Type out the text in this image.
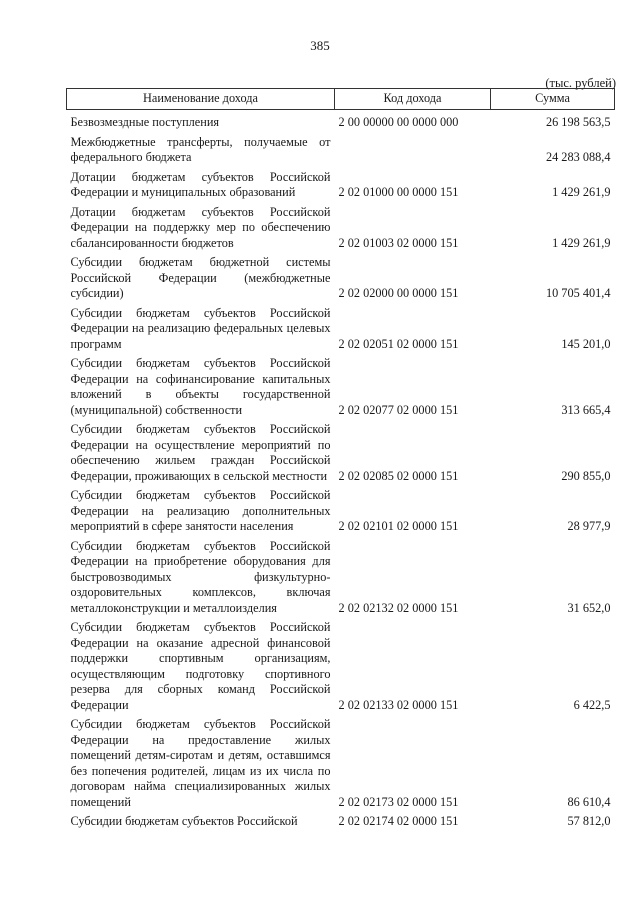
385
(тыс. рублей)
Наименование дохода	Код дохода	Сумма
Безвозмездные поступления	2 00 00000 00 0000 000	26 198 563,5
Межбюджетные трансферты, получаемые от федерального бюджета		24 283 088,4
Дотации бюджетам субъектов Российской Федерации и муниципальных образований	2 02 01000 00 0000 151	1 429 261,9
Дотации бюджетам субъектов Российской Федерации на поддержку мер по обеспечению сбалансированности бюджетов	2 02 01003 02 0000 151	1 429 261,9
Субсидии бюджетам бюджетной системы Российской Федерации (межбюджетные субсидии)	2 02 02000 00 0000 151	10 705 401,4
Субсидии бюджетам субъектов Российской Федерации на реализацию федеральных целевых программ	2 02 02051 02 0000 151	145 201,0
Субсидии бюджетам субъектов Российской Федерации на софинансирование капитальных вложений в объекты государственной (муниципальной) собственности	2 02 02077 02 0000 151	313 665,4
Субсидии бюджетам субъектов Российской Федерации на осуществление мероприятий по обеспечению жильем граждан Российской Федерации, проживающих в сельской местности	2 02 02085 02 0000 151	290 855,0
Субсидии бюджетам субъектов Российской Федерации на реализацию дополнительных мероприятий в сфере занятости населения	2 02 02101 02 0000 151	28 977,9
Субсидии бюджетам субъектов Российской Федерации на приобретение оборудования для быстровозводимых физкультурно-оздоровительных комплексов, включая металлоконструкции и металлоизделия	2 02 02132 02 0000 151	31 652,0
Субсидии бюджетам субъектов Российской Федерации на оказание адресной финансовой поддержки спортивным организациям, осуществляющим подготовку спортивного резерва для сборных команд Российской Федерации	2 02 02133 02 0000 151	6 422,5
Субсидии бюджетам субъектов Российской Федерации на предоставление жилых помещений детям-сиротам и детям, оставшимся без попечения родителей, лицам из их числа по договорам найма специализированных жилых помещений	2 02 02173 02 0000 151	86 610,4
Субсидии бюджетам субъектов Российской	2 02 02174 02 0000 151	57 812,0
